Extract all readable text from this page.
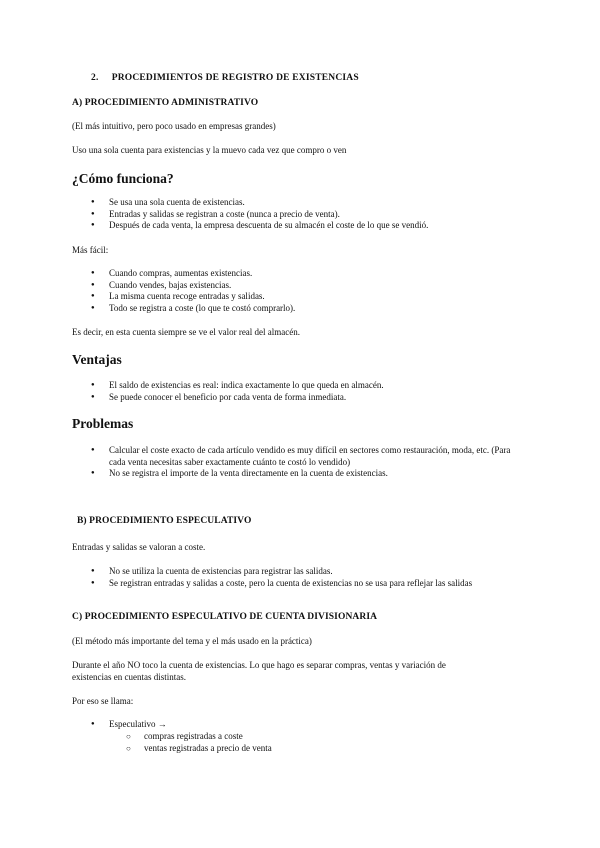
2. PROCEDIMIENTOS DE REGISTRO DE EXISTENCIAS
A) PROCEDIMIENTO ADMINISTRATIVO
(El más intuitivo, pero poco usado en empresas grandes)
Uso una sola cuenta para existencias y la muevo cada vez que compro o ven
¿Cómo funciona?
● Se usa una sola cuenta de existencias.
● Entradas y salidas se registran a coste (nunca a precio de venta).
● Después de cada venta, la empresa descuenta de su almacén el coste de lo que se vendió.
Más fácil:
● Cuando compras, aumentas existencias.
● Cuando vendes, bajas existencias.
● La misma cuenta recoge entradas y salidas.
● Todo se registra a coste (lo que te costó comprarlo).
Es decir, en esta cuenta siempre se ve el valor real del almacén.
Ventajas
● El saldo de existencias es real: indica exactamente lo que queda en almacén.
● Se puede conocer el beneficio por cada venta de forma inmediata.
Problemas
● Calcular el coste exacto de cada artículo vendido es muy difícil en sectores como restauración, moda, etc. (Para cada venta necesitas saber exactamente cuánto te costó lo vendido)
● No se registra el importe de la venta directamente en la cuenta de existencias.
B) PROCEDIMIENTO ESPECULATIVO
Entradas y salidas se valoran a coste.
● No se utiliza la cuenta de existencias para registrar las salidas.
● Se registran entradas y salidas a coste, pero la cuenta de existencias no se usa para reflejar las salidas
C) PROCEDIMIENTO ESPECULATIVO DE CUENTA DIVISIONARIA
(El método más importante del tema y el más usado en la práctica)
Durante el año NO toco la cuenta de existencias. Lo que hago es separar compras, ventas y variación de
existencias en cuentas distintas.
Por eso se llama:
● Especulativo →
○ compras registradas a coste
○ ventas registradas a precio de venta
